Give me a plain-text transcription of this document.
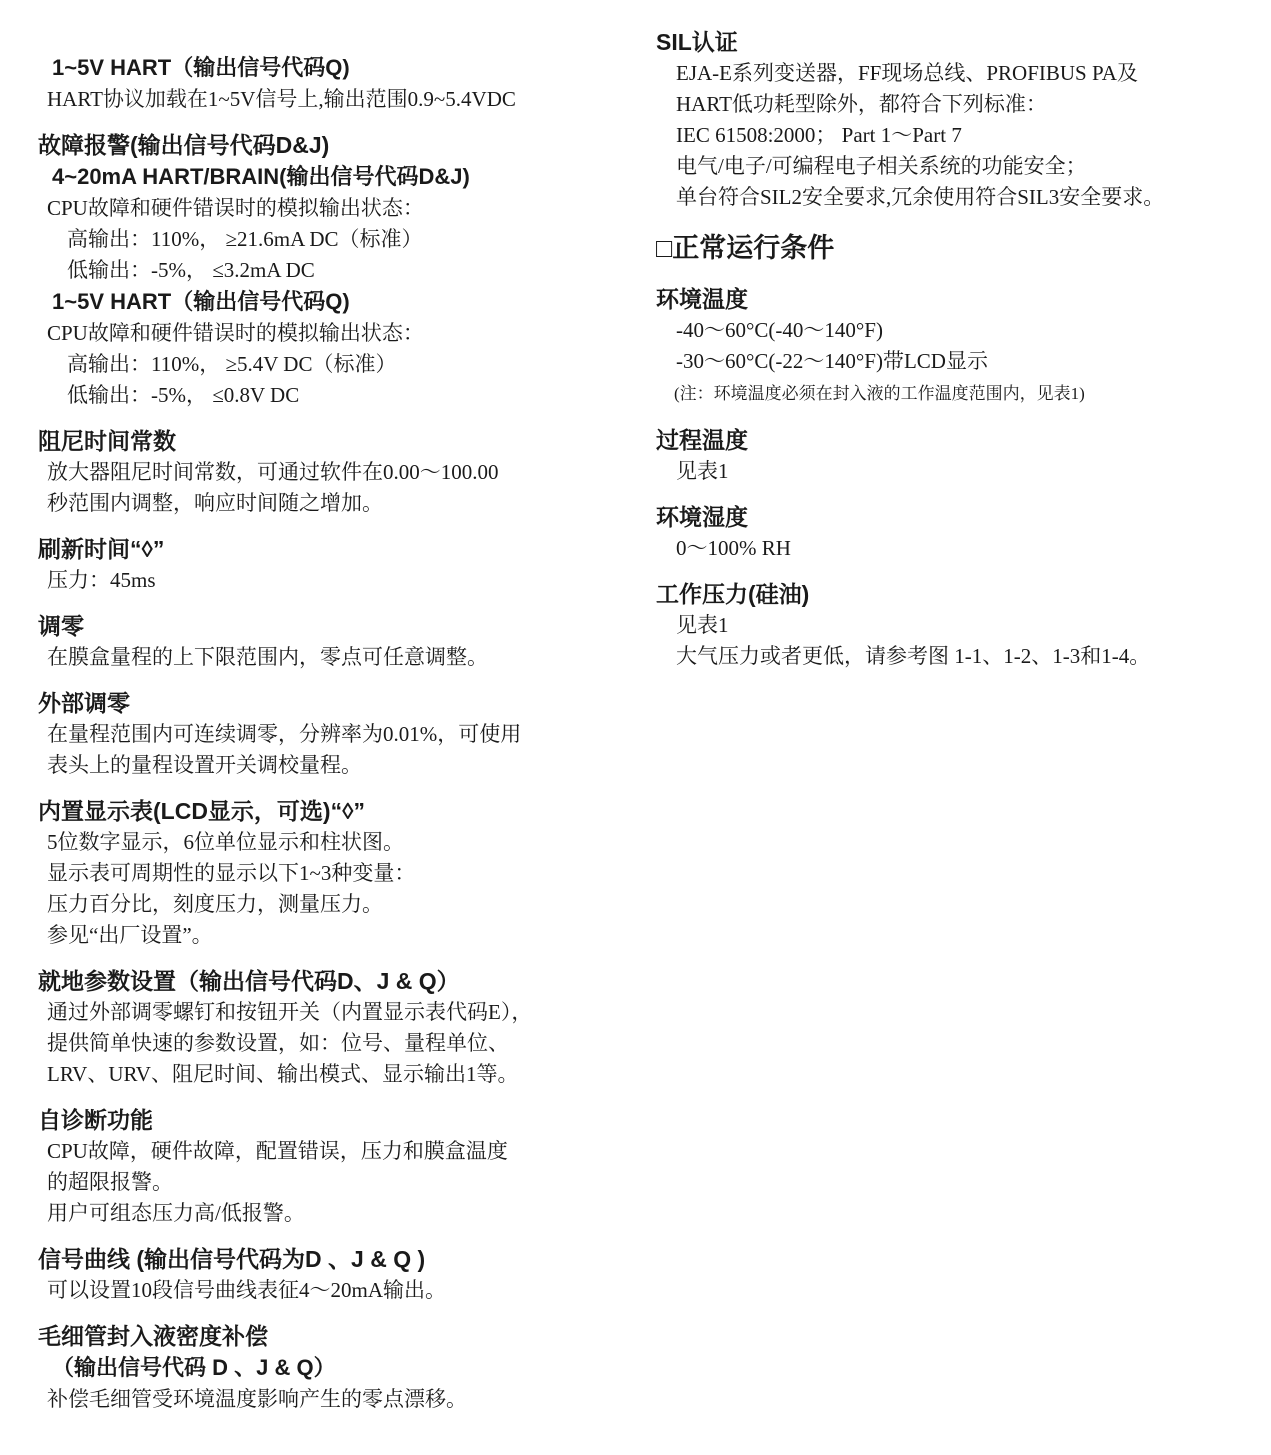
1~5V HART（输出信号代码Q)
HART协议加载在1~5V信号上,输出范围0.9~5.4VDC
故障报警(输出信号代码D&J)
4~20mA HART/BRAIN(输出信号代码D&J)
CPU故障和硬件错误时的模拟输出状态：
高输出：110%， ≥21.6mA DC（标准）
低输出：-5%， ≤3.2mA DC
1~5V HART（输出信号代码Q)
CPU故障和硬件错误时的模拟输出状态：
高输出：110%， ≥5.4V DC（标准）
低输出：-5%， ≤0.8V DC
阻尼时间常数
放大器阻尼时间常数，可通过软件在0.00～100.00
秒范围内调整，响应时间随之增加。
刷新时间“◊”
压力：45ms
调零
在膜盒量程的上下限范围内，零点可任意调整。
外部调零
在量程范围内可连续调零，分辨率为0.01%，可使用
表头上的量程设置开关调校量程。
内置显示表(LCD显示，可选)“◊”
5位数字显示，6位单位显示和柱状图。
显示表可周期性的显示以下1~3种变量：
压力百分比，刻度压力，测量压力。
参见“出厂设置”。
就地参数设置（输出信号代码D、J & Q）
通过外部调零螺钉和按钮开关（内置显示表代码E），
提供简单快速的参数设置，如：位号、量程单位、
LRV、URV、阻尼时间、输出模式、显示输出1等。
自诊断功能
CPU故障，硬件故障，配置错误，压力和膜盒温度
的超限报警。
用户可组态压力高/低报警。
信号曲线 (输出信号代码为D 、J & Q )
可以设置10段信号曲线表征4～20mA输出。
毛细管封入液密度补偿
（输出信号代码 D 、J & Q）
补偿毛细管受环境温度影响产生的零点漂移。
SIL认证
EJA-E系列变送器，FF现场总线、PROFIBUS PA及
HART低功耗型除外，都符合下列标准：
IEC 61508:2000； Part 1～Part 7
电气/电子/可编程电子相关系统的功能安全；
单台符合SIL2安全要求,冗余使用符合SIL3安全要求。
□正常运行条件
环境温度
-40～60°C(-40～140°F)
-30～60°C(-22～140°F)带LCD显示
(注：环境温度必须在封入液的工作温度范围内，见表1)
过程温度
见表1
环境湿度
0～100% RH
工作压力(硅油)
见表1
大气压力或者更低，请参考图 1-1、1-2、1-3和1-4。
